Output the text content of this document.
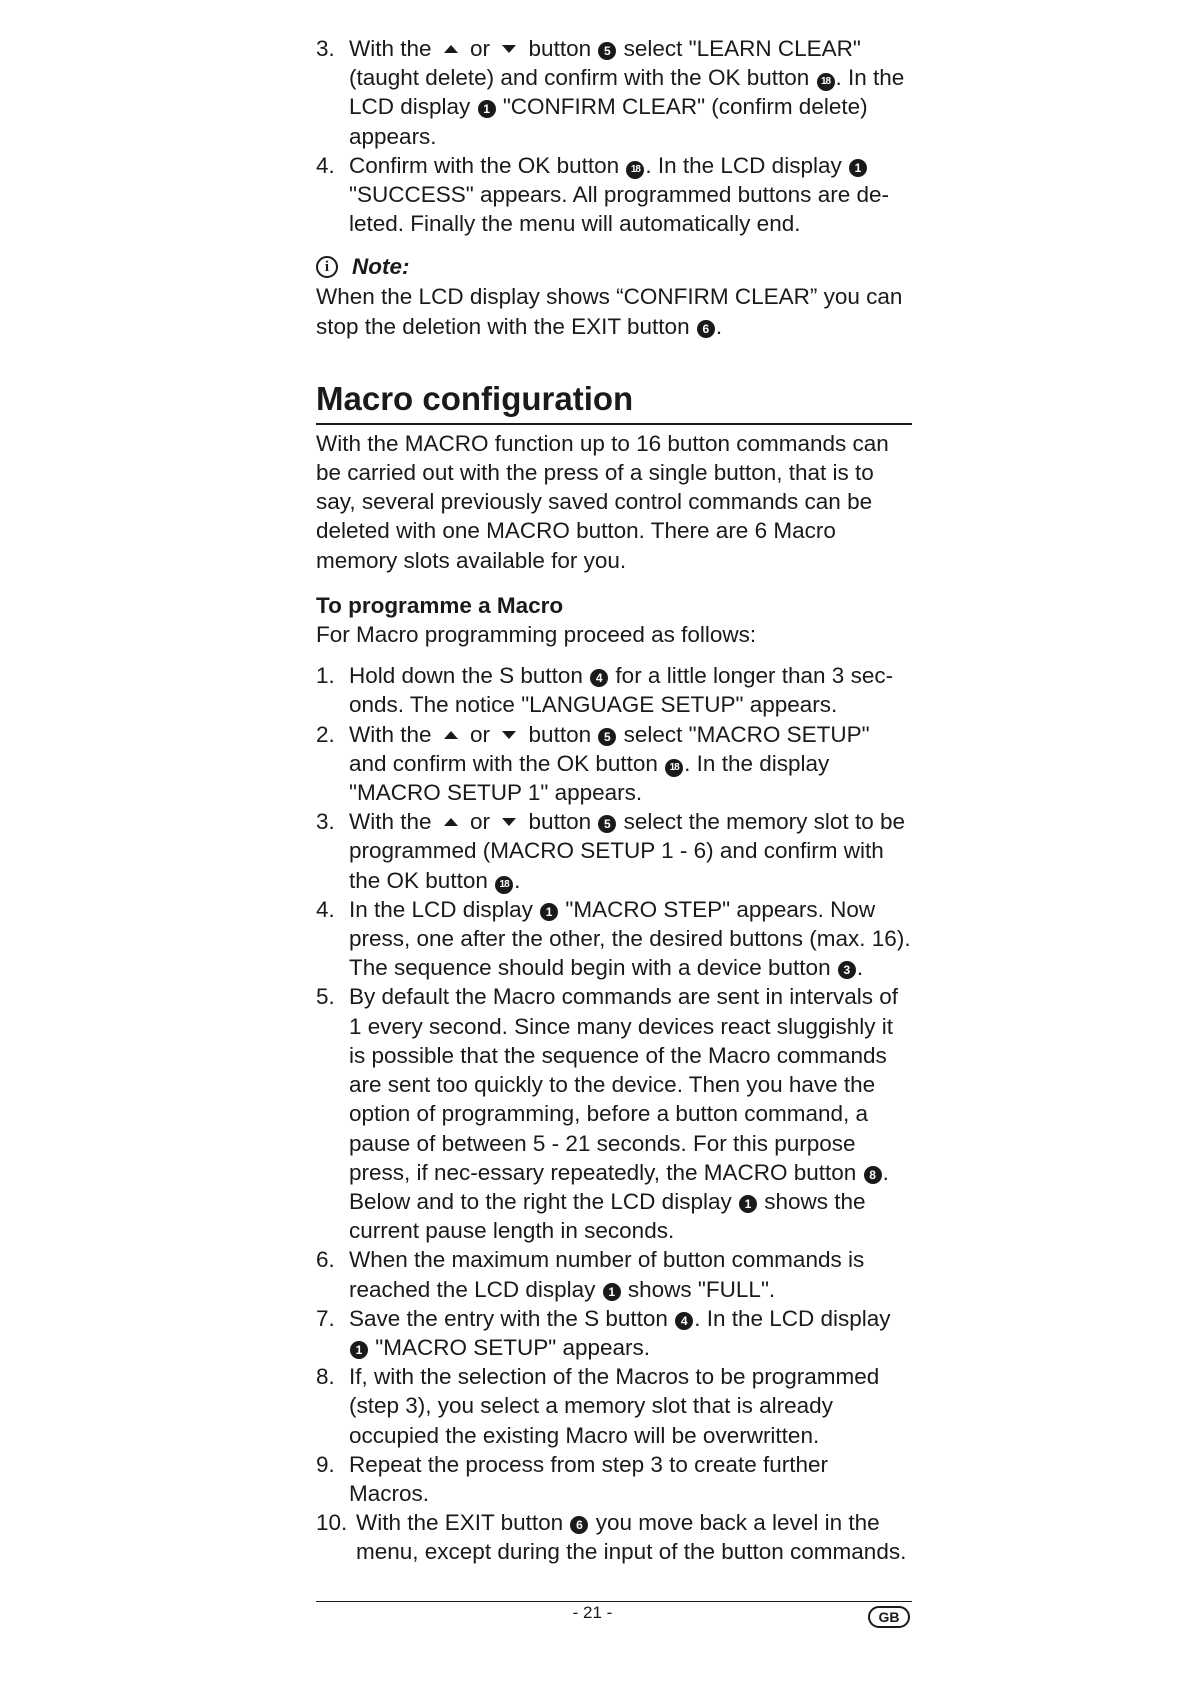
3. With the  or  button 5 select "LEARN CLEAR" (taught delete) and confirm with the OK button 18 . In the LCD display 1 "CONFIRM CLEAR" (confirm delete) appears.
4. Confirm with the OK button 18 . In the LCD display 1 "SUCCESS" appears. All programmed buttons are de-leted. Finally the menu will automatically end.
i	Note:
When the LCD display shows “CONFIRM CLEAR” you can stop the deletion with the EXIT button 6 .
Macro configuration
With the MACRO function up to 16 button commands can be carried out with the press of a single button, that is to say, several previously saved control commands can be deleted with one MACRO button. There are 6 Macro memory slots available for you.
To programme a Macro
For Macro programming proceed as follows:
1. Hold down the S button 4 for a little longer than 3 sec-onds. The notice "LANGUAGE SETUP" appears.
2. With the  or  button 5 select "MACRO SETUP" and confirm with the OK button 18 . In the display "MACRO SETUP 1" appears.
3. With the  or  button 5 select the memory slot to be programmed (MACRO SETUP 1 - 6) and confirm with the OK button 18 .
4. In the LCD display 1 "MACRO STEP" appears. Now press, one after the other, the desired buttons (max. 16). The sequence should begin with a device button 3 .
5. By default the Macro commands are sent in intervals of 1 every second. Since many devices react sluggishly it is possible that the sequence of the Macro commands are sent too quickly to the device. Then you have the option of programming, before a button command, a pause of between 5 - 21 seconds. For this purpose press, if nec-essary repeatedly, the MACRO button 8 . Below and to the right the LCD display 1 shows the current pause length in seconds.
6. When the maximum number of button commands is reached the LCD display 1 shows "FULL".
7. Save the entry with the S button 4 . In the LCD display 1 "MACRO SETUP" appears.
8. If, with the selection of the Macros to be programmed (step 3), you select a memory slot that is already occupied the existing Macro will be overwritten.
9. Repeat the process from step 3 to create further Macros.
10. With the EXIT button 6 you move back a level in the menu, except during the input of the button commands.
- 21 -	GB
